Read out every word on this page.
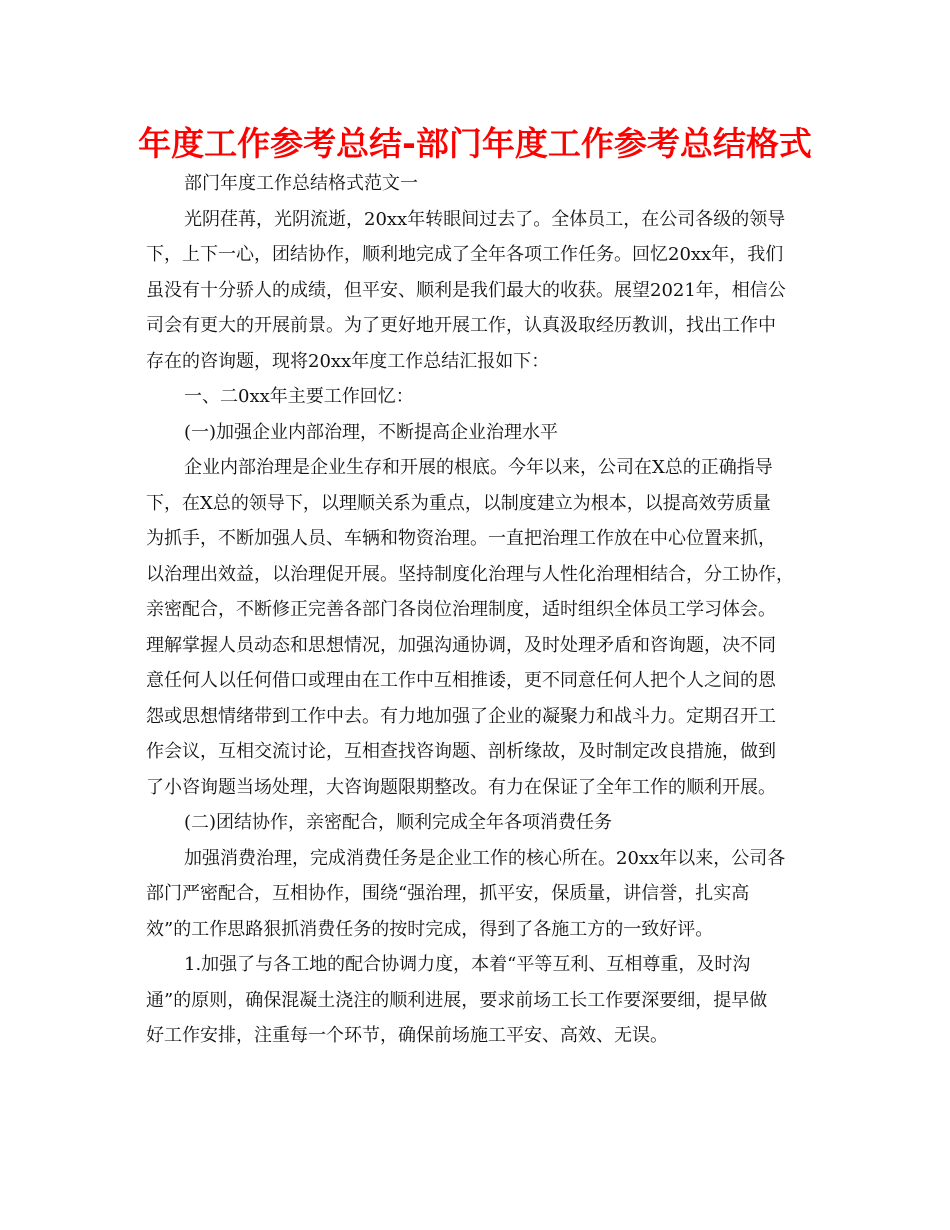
年度工作参考总结-部门年度工作参考总结格式
部门年度工作总结格式范文一
光阴荏苒，光阴流逝，20xx年转眼间过去了。全体员工，在公司各级的领导
下，上下一心，团结协作，顺利地完成了全年各项工作任务。回忆20xx年，我们
虽没有十分骄人的成绩，但平安、顺利是我们最大的收获。展望2021年，相信公
司会有更大的开展前景。为了更好地开展工作，认真汲取经历教训，找出工作中
存在的咨询题，现将20xx年度工作总结汇报如下：
一、二0xx年主要工作回忆：
(一)加强企业内部治理，不断提高企业治理水平
企业内部治理是企业生存和开展的根底。今年以来，公司在X总的正确指导
下，在X总的领导下，以理顺关系为重点，以制度建立为根本，以提高效劳质量
为抓手，不断加强人员、车辆和物资治理。一直把治理工作放在中心位置来抓，
以治理出效益，以治理促开展。坚持制度化治理与人性化治理相结合，分工协作，
亲密配合，不断修正完善各部门各岗位治理制度，适时组织全体员工学习体会。
理解掌握人员动态和思想情况，加强沟通协调，及时处理矛盾和咨询题，决不同
意任何人以任何借口或理由在工作中互相推诿，更不同意任何人把个人之间的恩
怨或思想情绪带到工作中去。有力地加强了企业的凝聚力和战斗力。定期召开工
作会议，互相交流讨论，互相查找咨询题、剖析缘故，及时制定改良措施，做到
了小咨询题当场处理，大咨询题限期整改。有力在保证了全年工作的顺利开展。
(二)团结协作，亲密配合，顺利完成全年各项消费任务
加强消费治理，完成消费任务是企业工作的核心所在。20xx年以来，公司各
部门严密配合，互相协作，围绕“强治理，抓平安，保质量，讲信誉，扎实高
效”的工作思路狠抓消费任务的按时完成，得到了各施工方的一致好评。
1.加强了与各工地的配合协调力度，本着“平等互利、互相尊重，及时沟
通”的原则，确保混凝土浇注的顺利进展，要求前场工长工作要深要细，提早做
好工作安排，注重每一个环节，确保前场施工平安、高效、无误。
